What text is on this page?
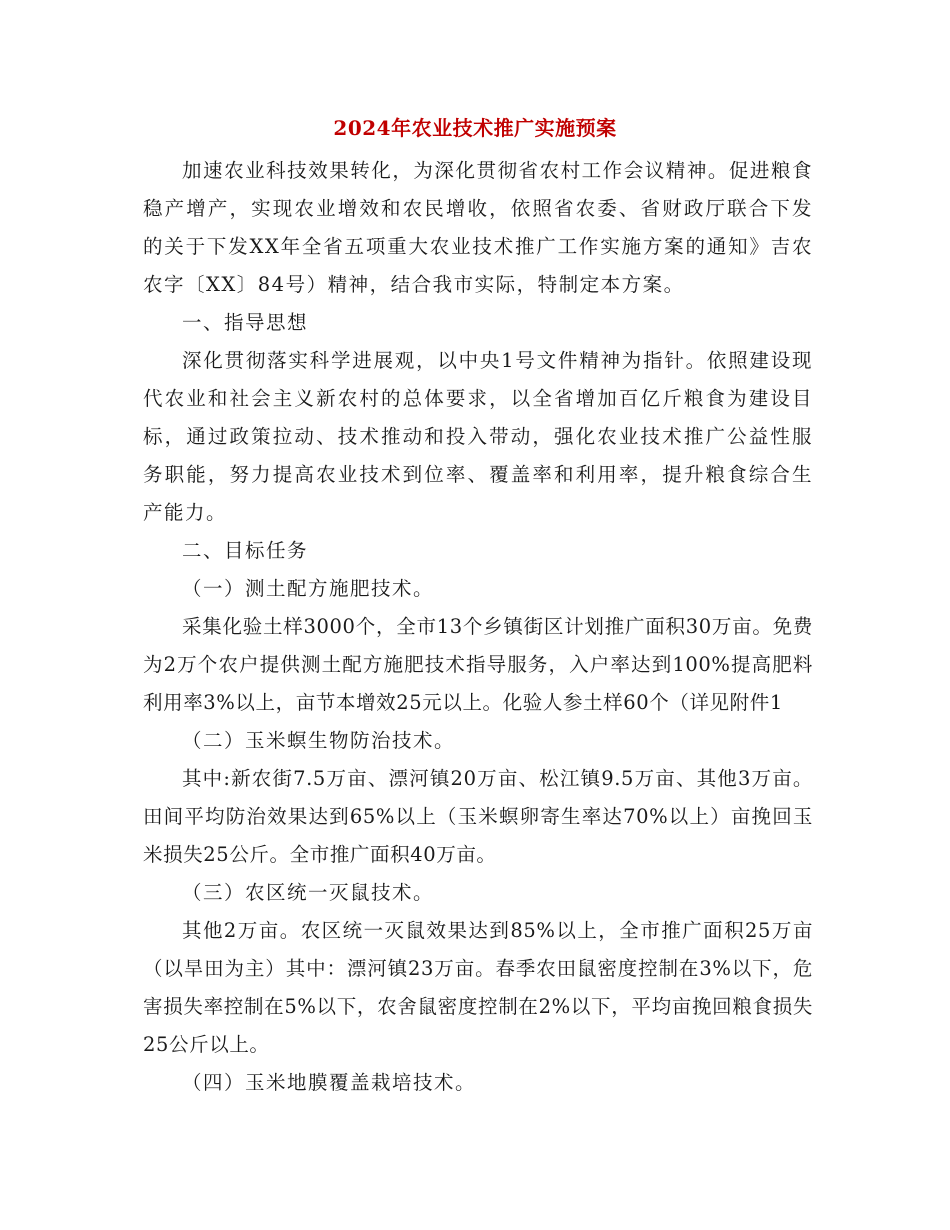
2024年农业技术推广实施预案

加速农业科技效果转化，为深化贯彻省农村工作会议精神。促进粮食稳产增产，实现农业增效和农民增收，依照省农委、省财政厅联合下发的关于下发XX年全省五项重大农业技术推广工作实施方案的通知》吉农农字〔XX〕84号）精神，结合我市实际，特制定本方案。

一、指导思想

深化贯彻落实科学进展观，以中央1号文件精神为指针。依照建设现代农业和社会主义新农村的总体要求，以全省增加百亿斤粮食为建设目标，通过政策拉动、技术推动和投入带动，强化农业技术推广公益性服务职能，努力提高农业技术到位率、覆盖率和利用率，提升粮食综合生产能力。

二、目标任务

（一）测土配方施肥技术。

采集化验土样3000个，全市13个乡镇街区计划推广面积30万亩。免费为2万个农户提供测土配方施肥技术指导服务，入户率达到100%提高肥料利用率3%以上，亩节本增效25元以上。化验人参土样60个（详见附件1

（二）玉米螟生物防治技术。

其中:新农街7.5万亩、漂河镇20万亩、松江镇9.5万亩、其他3万亩。田间平均防治效果达到65%以上（玉米螟卵寄生率达70%以上）亩挽回玉米损失25公斤。全市推广面积40万亩。

（三）农区统一灭鼠技术。

其他2万亩。农区统一灭鼠效果达到85%以上，全市推广面积25万亩（以旱田为主）其中：漂河镇23万亩。春季农田鼠密度控制在3%以下，危害损失率控制在5%以下，农舍鼠密度控制在2%以下，平均亩挽回粮食损失25公斤以上。

（四）玉米地膜覆盖栽培技术。
